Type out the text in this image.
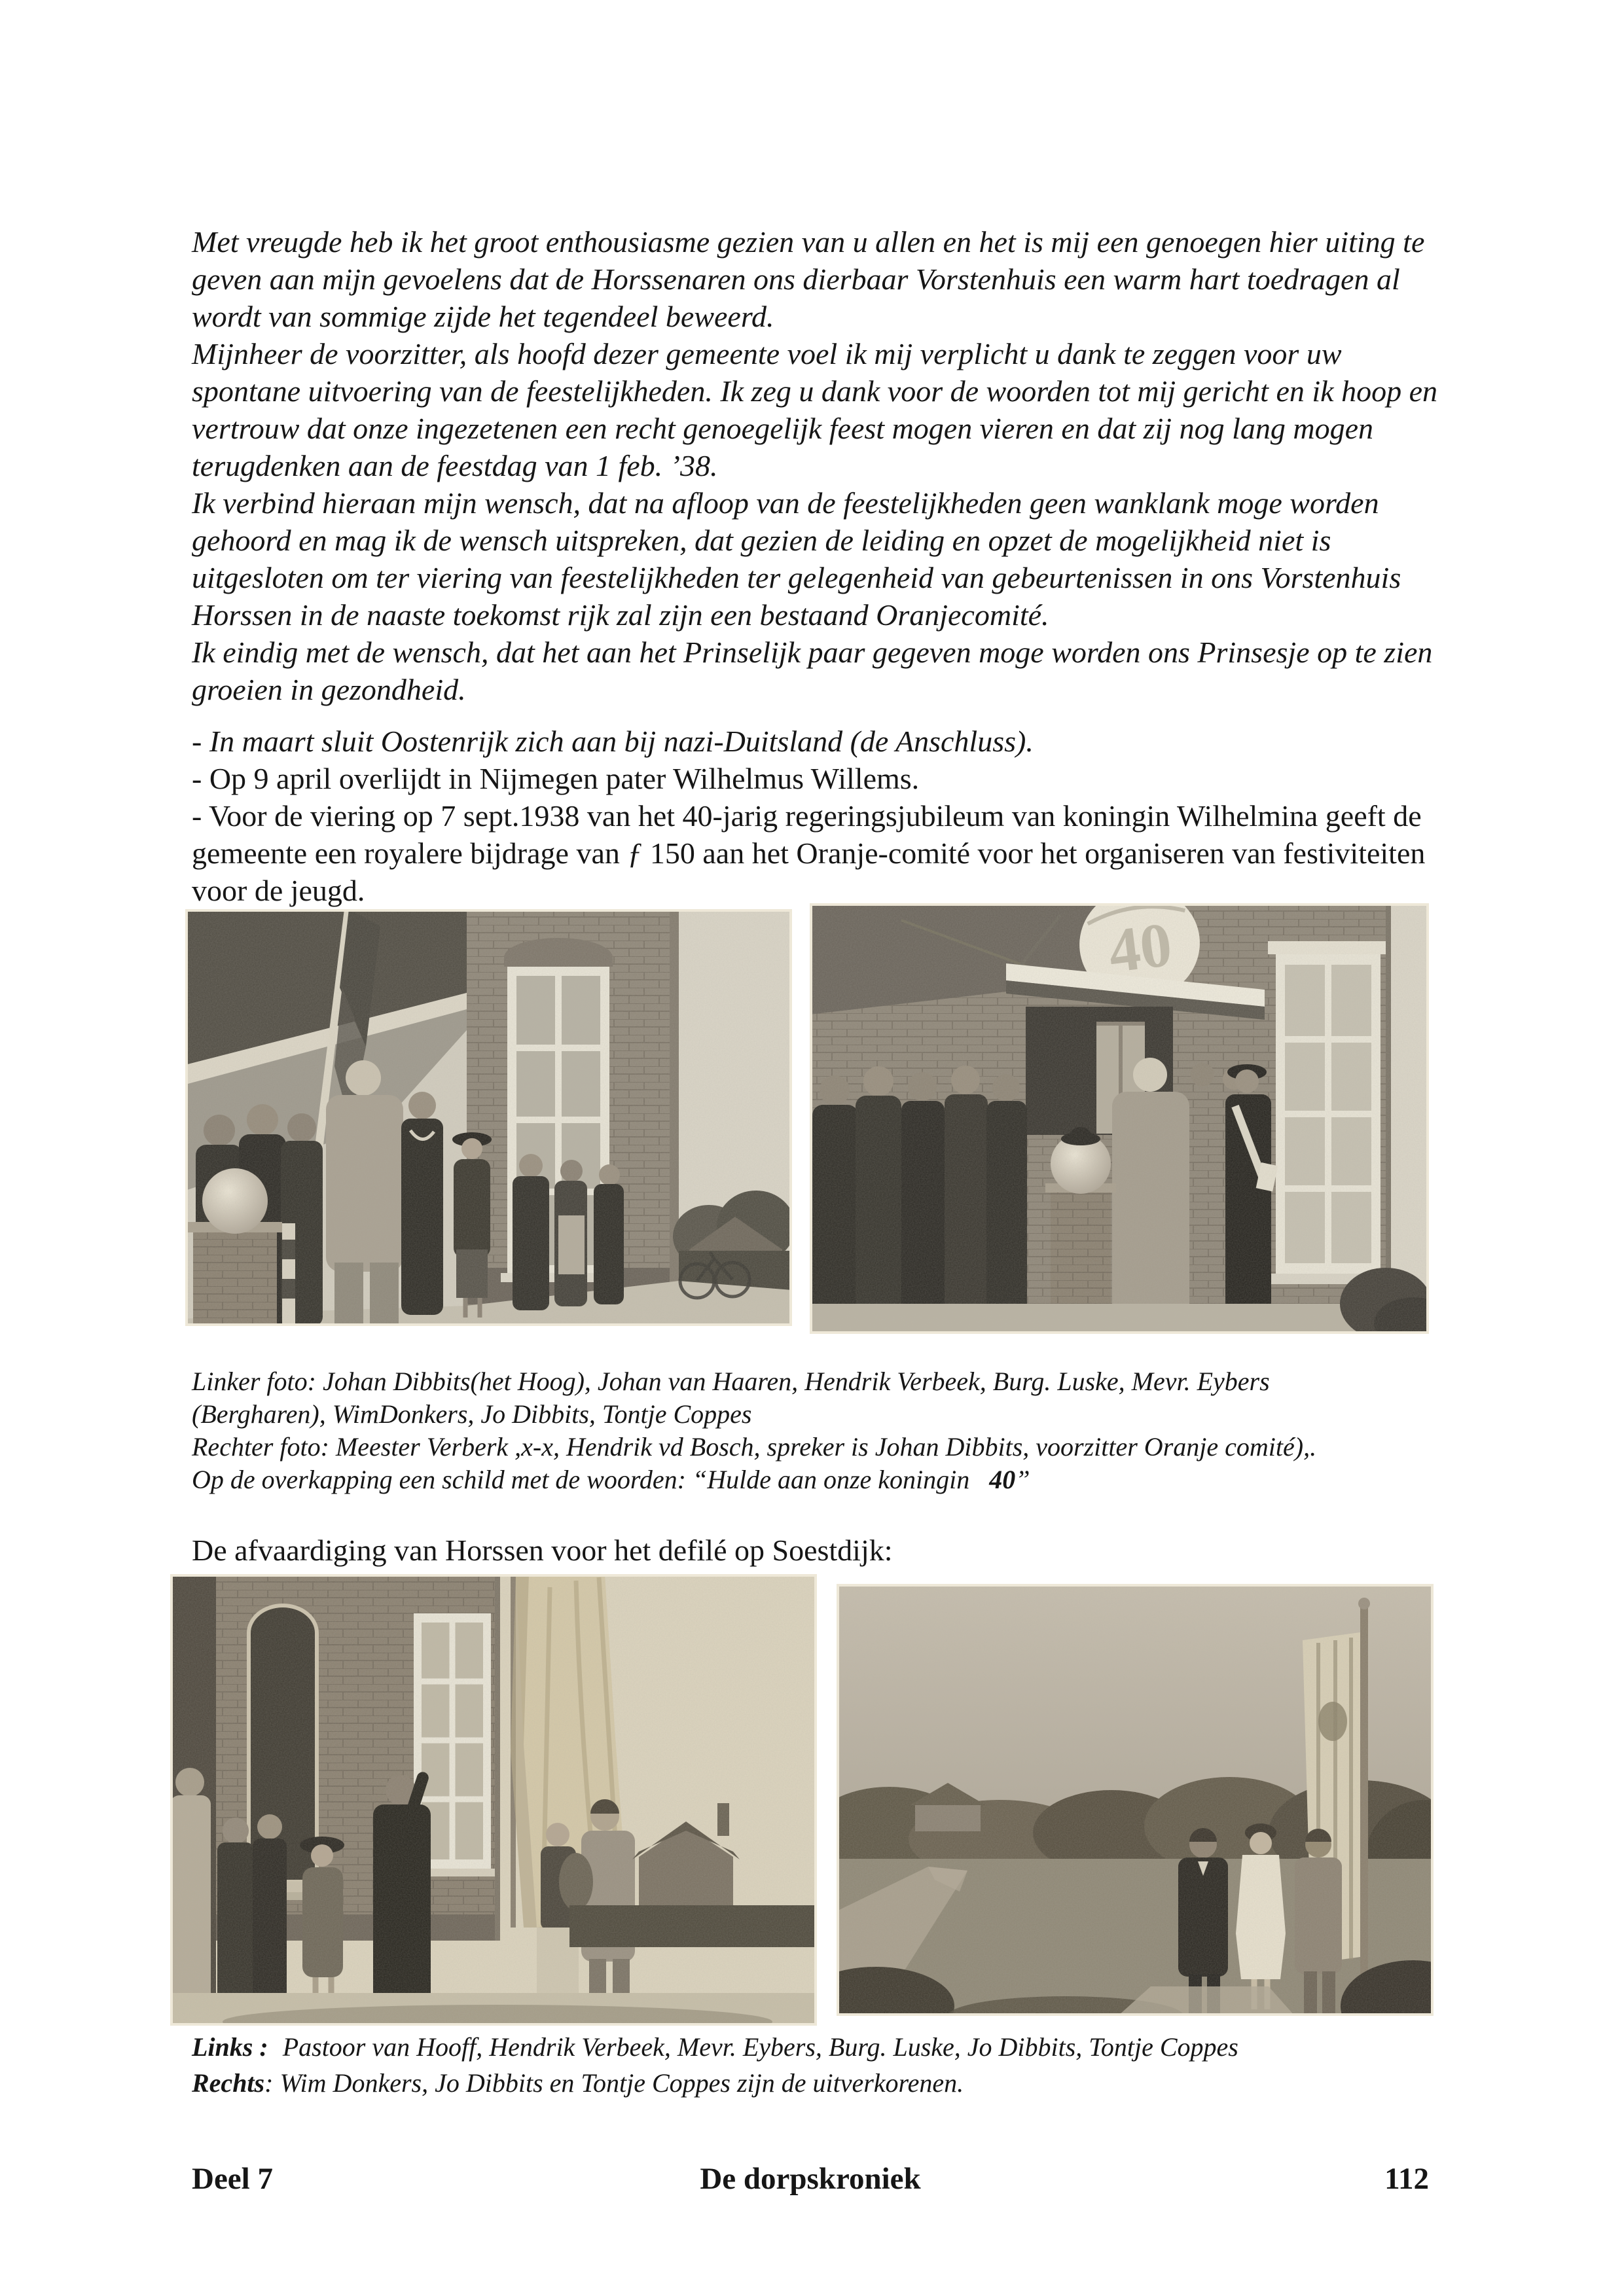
Met vreugde heb ik het groot enthousiasme gezien van u allen en het is mij een genoegen hier uiting te geven aan mijn gevoelens dat de Horssenaren ons dierbaar Vorstenhuis een warm hart toedragen al wordt van sommige zijde het tegendeel beweerd.

Mijnheer de voorzitter, als hoofd dezer gemeente voel ik mij verplicht u dank te zeggen voor uw spontane uitvoering van de feestelijkheden. Ik zeg u dank voor de woorden tot mij gericht en ik hoop en vertrouw dat onze ingezetenen een recht genoegelijk feest mogen vieren en dat zij nog lang mogen terugdenken aan de feestdag van 1 feb. ’38.

Ik verbind hieraan mijn wensch, dat na afloop van de feestelijkheden geen wanklank moge worden gehoord en mag ik de wensch uitspreken, dat gezien de leiding en opzet de mogelijkheid niet is uitgesloten om ter viering van feestelijkheden ter gelegenheid van gebeurtenissen in ons Vorstenhuis Horssen in de naaste toekomst rijk zal zijn een bestaand Oranjecomité.

Ik eindig met de wensch, dat het aan het Prinselijk paar gegeven moge worden ons Prinsesje op te zien groeien in gezondheid.

- In maart sluit Oostenrijk zich aan bij nazi-Duitsland (de Anschluss).

- Op 9 april overlijdt in Nijmegen pater Wilhelmus Willems.

- Voor de viering op 7 sept.1938 van het 40-jarig regeringsjubileum van koningin Wilhelmina geeft de gemeente een royalere bijdrage van ƒ 150 aan het Oranje-comité voor het organiseren van festiviteiten voor de jeugd.

Linker foto: Johan Dibbits(het Hoog), Johan van Haaren, Hendrik Verbeek, Burg. Luske, Mevr. Eybers

(Bergharen), WimDonkers, Jo Dibbits, Tontje Coppes

Rechter foto: Meester Verberk ,x-x, Hendrik vd Bosch, spreker is Johan Dibbits, voorzitter Oranje comité),.

Op de overkapping een schild met de woorden: “Hulde aan onze koningin 40”

De afvaardiging van Horssen voor het defilé op Soestdijk:

Links : Pastoor van Hooff, Hendrik Verbeek, Mevr. Eybers, Burg. Luske, Jo Dibbits, Tontje Coppes

Rechts: Wim Donkers, Jo Dibbits en Tontje Coppes zijn de uitverkorenen.

Deel 7	De dorpskroniek	112
